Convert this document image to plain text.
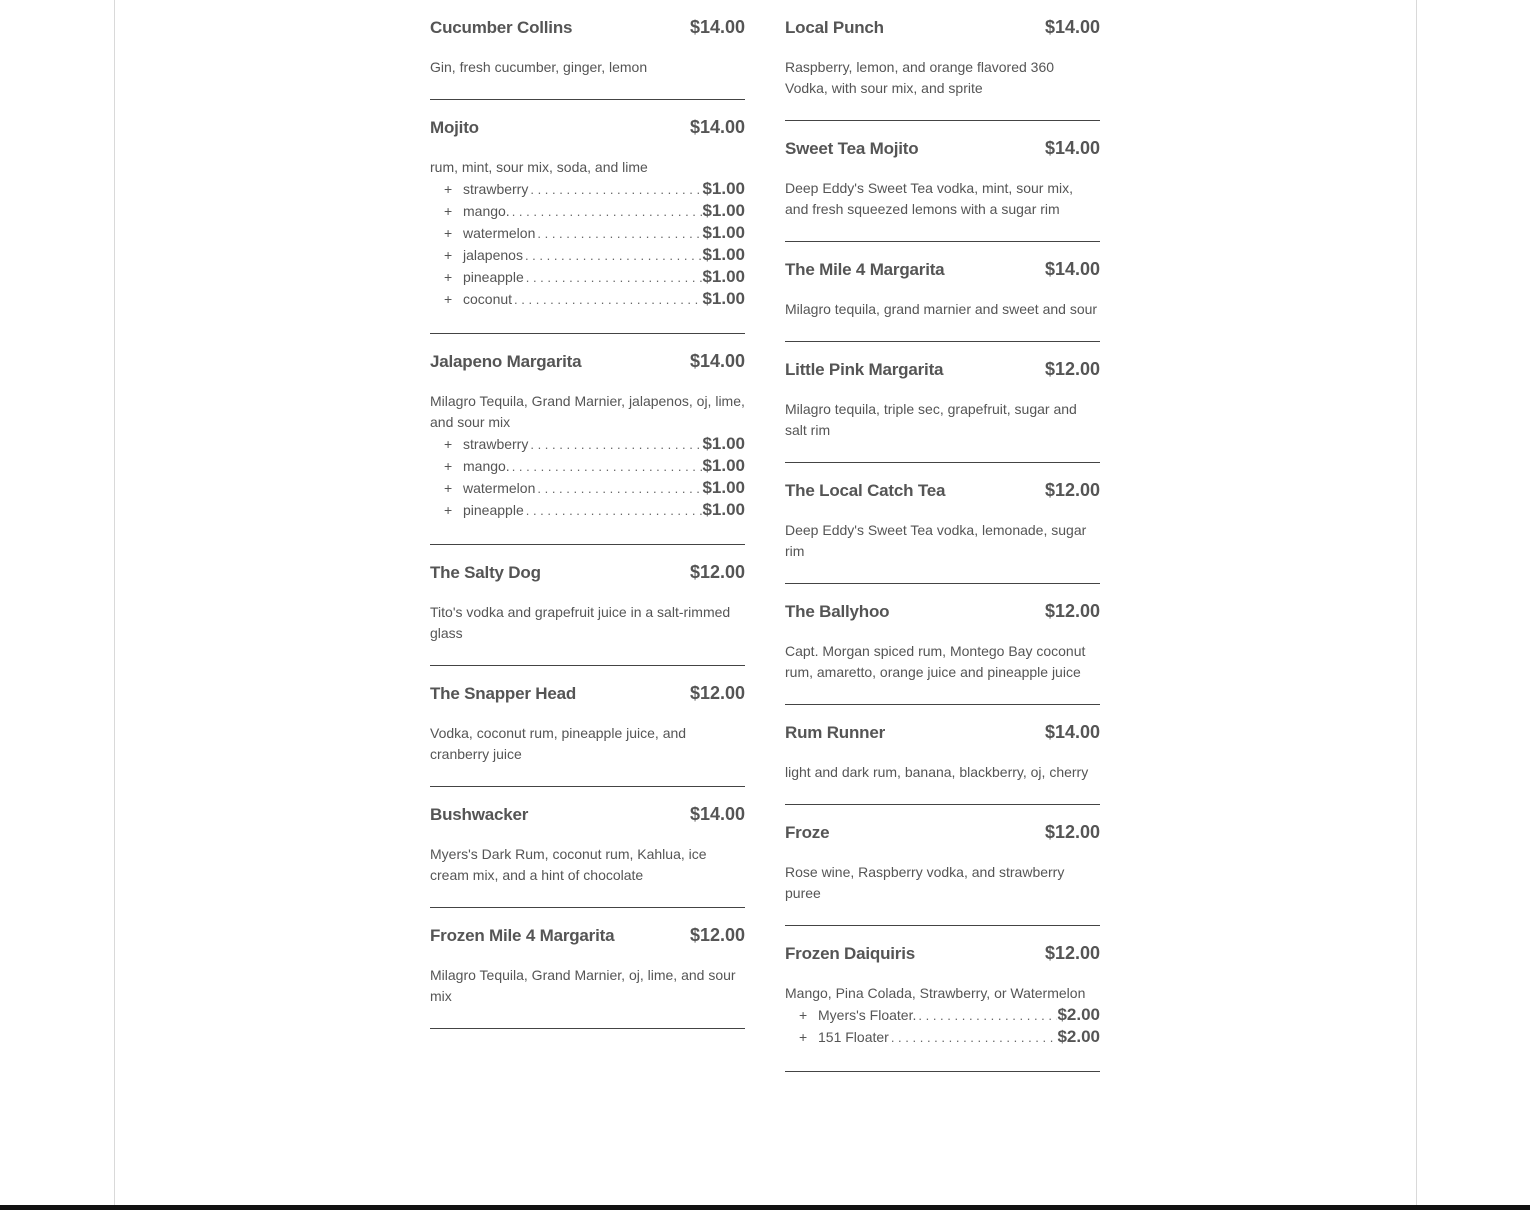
Cucumber Collins	$14.00
Gin, fresh cucumber, ginger, lemon
Mojito	$14.00
rum, mint, sour mix, soda, and lime
+ strawberry . . .	$1.00
+ mango. . . .	$1.00
+ watermelon . . .	$1.00
+ jalapenos . . .	$1.00
+ pineapple . . .	$1.00
+ coconut . . .	$1.00
Jalapeno Margarita	$14.00
Milagro Tequila, Grand Marnier, jalapenos, oj, lime, and sour mix
+ strawberry . . .	$1.00
+ mango. . . .	$1.00
+ watermelon . . .	$1.00
+ pineapple . . .	$1.00
The Salty Dog	$12.00
Tito's vodka and grapefruit juice in a salt-rimmed glass
The Snapper Head	$12.00
Vodka, coconut rum, pineapple juice, and cranberry juice
Bushwacker	$14.00
Myers's Dark Rum, coconut rum, Kahlua, ice cream mix, and a hint of chocolate
Frozen Mile 4 Margarita	$12.00
Milagro Tequila, Grand Marnier, oj, lime, and sour mix
Local Punch	$14.00
Raspberry, lemon, and orange flavored 360 Vodka, with sour mix, and sprite
Sweet Tea Mojito	$14.00
Deep Eddy's Sweet Tea vodka, mint, sour mix, and fresh squeezed lemons with a sugar rim
The Mile 4 Margarita	$14.00
Milagro tequila, grand marnier and sweet and sour
Little Pink Margarita	$12.00
Milagro tequila, triple sec, grapefruit, sugar and salt rim
The Local Catch Tea	$12.00
Deep Eddy's Sweet Tea vodka, lemonade, sugar rim
The Ballyhoo	$12.00
Capt. Morgan spiced rum, Montego Bay coconut rum, amaretto, orange juice and pineapple juice
Rum Runner	$14.00
light and dark rum, banana, blackberry, oj, cherry
Froze	$12.00
Rose wine, Raspberry vodka, and strawberry puree
Frozen Daiquiris	$12.00
Mango, Pina Colada, Strawberry, or Watermelon
+ Myers's Floater. . . .	$2.00
+ 151 Floater . . .	$2.00
